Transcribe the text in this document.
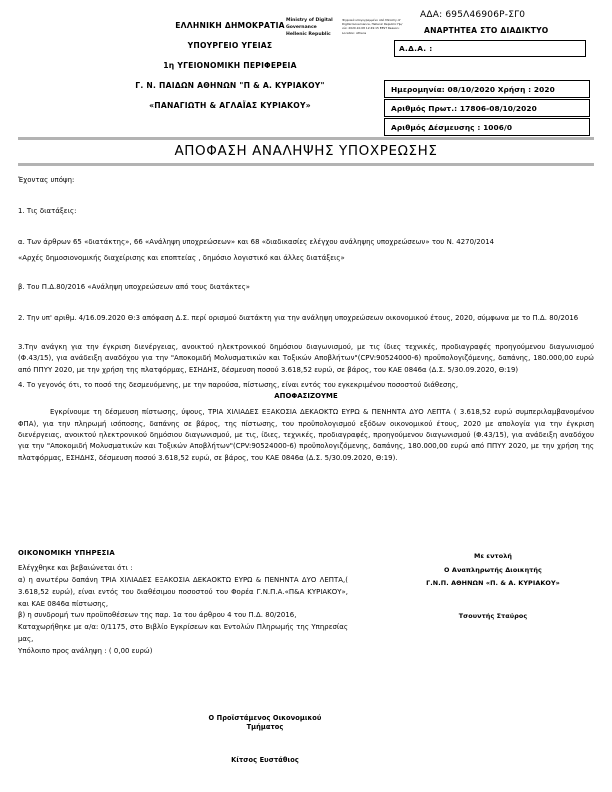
ΕΛΛΗΝΙΚΗ ΔΗΜΟΚΡΑΤΙΑ
ΥΠΟΥΡΓΕΙΟ ΥΓΕΙΑΣ
1η ΥΓΕΙΟΝΟΜΙΚΗ ΠΕΡΙΦΕΡΕΙΑ
Γ. Ν. ΠΑΙΔΩΝ ΑΘΗΝΩΝ "Π & Α. ΚΥΡΙΑΚΟΥ"
«ΠΑΝΑΓΙΩΤΗ & ΑΓΛΑΪΑΣ ΚΥΡΙΑΚΟΥ»
Ministry of Digital Governance Hellenic Republic
Ψηφιακά υπογεγραμμένο από Ministry of Digital Governance, Hellenic Republic Ημ/νία: 2020.10.08 12:49:15 EEST Reason: Location: Athens
ΑΔΑ: 695Λ46906Ρ-ΣΓ0
ΑΝΑΡΤΗΤΕΑ ΣΤΟ ΔΙΑΔΙΚΤΥΟ
Α.Δ.Α. :
Ημερομηνία: 08/10/2020 Χρήση : 2020
Αριθμός Πρωτ.: 17806-08/10/2020
Αριθμός Δέσμευσης : 1006/0
ΑΠΟΦΑΣΗ ΑΝΑΛΗΨΗΣ ΥΠΟΧΡΕΩΣΗΣ

Έχοντας υπόψη:

1. Τις διατάξεις:

α. Των άρθρων 65 «διατάκτης», 66 «Ανάληψη υποχρεώσεων» και 68 «διαδικασίες ελέγχου ανάληψης υποχρεώσεων» του Ν. 4270/2014

«Αρχές δημοσιονομικής διαχείρισης και εποπτείας , δημόσιο λογιστικό και άλλες διατάξεις»

β. Του Π.Δ.80/2016 «Ανάληψη υποχρεώσεων από τους διατάκτες»

2. Την υπ' αριθμ. 4/16.09.2020 Θ:3 απόφαση Δ.Σ. περί ορισμού διατάκτη για την ανάληψη υποχρεώσεων οικονομικού έτους, 2020, σύμφωνα με το Π.Δ. 80/2016

3.Την ανάγκη για την έγκριση διενέργειας, ανοικτού ηλεκτρονικού δημόσιου διαγωνισμού, με τις ίδιες τεχνικές, προδιαγραφές προηγούμενου διαγωνισμού (Φ.43/15), για ανάδειξη αναδόχου για την "Αποκομιδή Μολυσματικών και Τοξικών Αποβλήτων"(CPV:90524000-6) προϋπολογιζόμενης, δαπάνης, 180.000,00 ευρώ από ΠΠΥΥ 2020, με την χρήση της πλατφόρμας, ΕΣΗΔΗΣ, δέσμευση ποσού 3.618,52 ευρώ, σε βάρος, του ΚΑΕ 0846α (Δ.Σ. 5/30.09.2020, Θ:19)

4. Το γεγονός ότι, το ποσό της δεσμευόμενης, με την παρούσα, πίστωσης, είναι εντός του εγκεκριμένου ποσοστού διάθεσης,

ΑΠΟΦΑΣΙΖΟΥΜΕ

Εγκρίνουμε τη δέσμευση πίστωσης, ύψους, ΤΡΙΑ ΧΙΛΙΑΔΕΣ ΕΞΑΚΟΣΙΑ ΔΕΚΑΟΚΤΩ ΕΥΡΩ & ΠΕΝΗΝΤΑ ΔΥΟ ΛΕΠΤΑ ( 3.618,52 ευρώ συμπεριλαμβανομένου ΦΠΑ), για την πληρωμή ισόποσης, δαπάνης σε βάρος, της πίστωσης, του προϋπολογισμού εξόδων οικονομικού έτους, 2020 με απολογία για την έγκριση διενέργειας, ανοικτού ηλεκτρονικού δημόσιου διαγωνισμού, με τις, ίδιες, τεχνικές, προδιαγραφές, προηγούμενου διαγωνισμού (Φ.43/15), για ανάδειξη αναδόχου για την "Αποκομιδή Μολυσματικών και Τοξικών Αποβλήτων"(CPV:90524000-6) προϋπολογιζόμενης, δαπάνης, 180.000,00 ευρώ από ΠΠΥΥ 2020, με την χρήση της πλατφόρμας, ΕΣΗΔΗΣ, δέσμευση ποσού 3.618,52 ευρώ, σε βάρος, του ΚΑΕ 0846α (Δ.Σ. 5/30.09.2020, Θ:19).

ΟΙΚΟΝΟΜΙΚΗ ΥΠΗΡΕΣΙΑ

Ελέγχθηκε και βεβαιώνεται ότι :

α) η ανωτέρω δαπάνη ΤΡΙΑ ΧΙΛΙΑΔΕΣ ΕΞΑΚΟΣΙΑ ΔΕΚΑΟΚΤΩ ΕΥΡΩ & ΠΕΝΗΝΤΑ ΔΥΟ ΛΕΠΤΑ,( 3.618,52 ευρώ), είναι εντός του διαθέσιμου ποσοστού του Φορέα Γ.Ν.Π.Α.«Π&Α ΚΥΡΙΑΚΟΥ», και ΚΑΕ 0846α πίστωσης,

β) η συνδρομή των προϋποθέσεων της παρ. 1α του άρθρου 4 του Π.Δ. 80/2016,

Καταχωρήθηκε με α/α: 0/1175, στο Βιβλίο Εγκρίσεων και Εντολών Πληρωμής της Υπηρεσίας μας,

Υπόλοιπο προς ανάληψη : ( 0,00 ευρώ)

Με εντολή
Ο Αναπληρωτής Διοικητής
Γ.Ν.Π. ΑΘΗΝΩΝ «Π. & Α. ΚΥΡΙΑΚΟΥ»
Τσουντής Σταύρος
Ο Προϊστάμενος Οικονομικού
Τμήματος
Κίτσος Ευστάθιος
